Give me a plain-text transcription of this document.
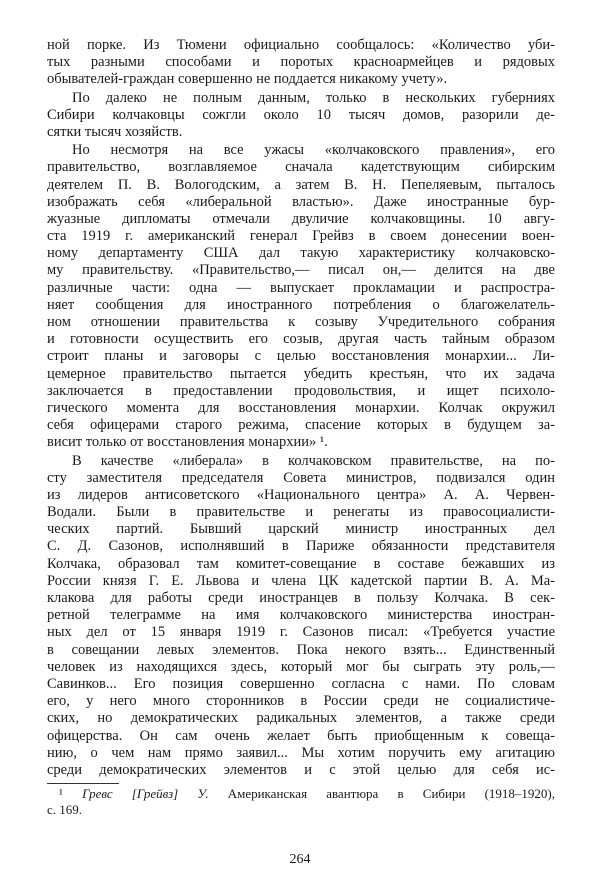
ной порке. Из Тюмени официально сообщалось: «Количество уби-
тых разными способами и поротых красноармейцев и рядовых
обывателей-граждан совершенно не поддается никакому учету».
По далеко не полным данным, только в нескольких губерниях
Сибири колчаковцы сожгли около 10 тысяч домов, разорили де-
сятки тысяч хозяйств.
Но несмотря на все ужасы «колчаковского правления», его
правительство, возглавляемое сначала кадетствующим сибирским
деятелем П. В. Вологодским, а затем В. Н. Пепеляевым, пыталось
изображать себя «либеральной властью». Даже иностранные бур-
жуазные дипломаты отмечали двуличие колчаковщины. 10 авгу-
ста 1919 г. американский генерал Грейвз в своем донесении воен-
ному департаменту США дал такую характеристику колчаковско-
му правительству. «Правительство,— писал он,— делится на две
различные части: одна — выпускает прокламации и распростра-
няет сообщения для иностранного потребления о благожелатель-
ном отношении правительства к созыву Учредительного собрания
и готовности осуществить его созыв, другая часть тайным образом
строит планы и заговоры с целью восстановления монархии... Ли-
цемерное правительство пытается убедить крестьян, что их задача
заключается в предоставлении продовольствия, и ищет психоло-
гического момента для восстановления монархии. Колчак окружил
себя офицерами старого режима, спасение которых в будущем за-
висит только от восстановления монархии» ¹.
В качестве «либерала» в колчаковском правительстве, на по-
сту заместителя председателя Совета министров, подвизался один
из лидеров антисоветского «Национального центра» А. А. Червен-
Водали. Были в правительстве и ренегаты из правосоциалисти-
ческих партий. Бывший царский министр иностранных дел
С. Д. Сазонов, исполнявший в Париже обязанности представителя
Колчака, образовал там комитет-совещание в составе бежавших из
России князя Г. Е. Львова и члена ЦК кадетской партии В. А. Ма-
клакова для работы среди иностранцев в пользу Колчака. В сек-
ретной телеграмме на имя колчаковского министерства иностран-
ных дел от 15 января 1919 г. Сазонов писал: «Требуется участие
в совещании левых элементов. Пока некого взять... Единственный
человек из находящихся здесь, который мог бы сыграть эту роль,—
Савинков... Его позиция совершенно согласна с нами. По словам
его, у него много сторонников в России среди не социалистиче-
ских, но демократических радикальных элементов, а также среди
офицерства. Он сам очень желает быть приобщенным к совеща-
нию, о чем нам прямо заявил... Мы хотим поручить ему агитацию
среди демократических элементов и с этой целью для себя ис-
¹ Гревс [Грейвз] У. Американская авантюра в Сибири (1918–1920),
с. 169.
264
